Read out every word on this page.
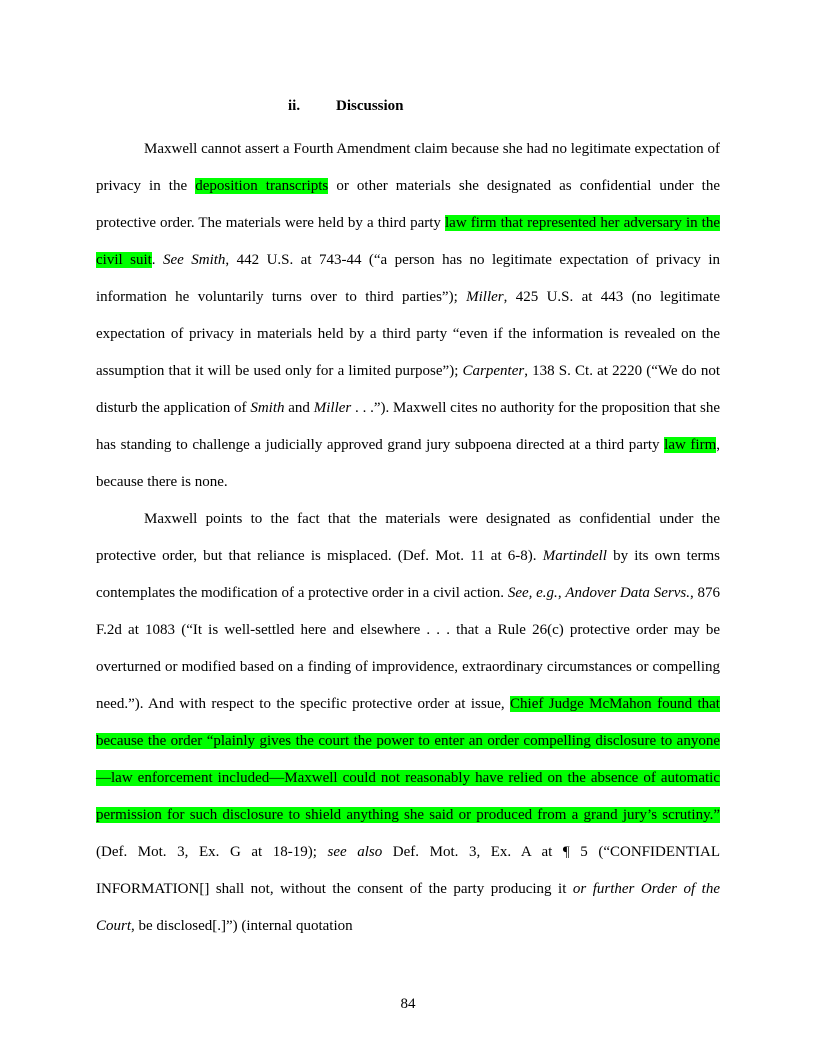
ii. Discussion

Maxwell cannot assert a Fourth Amendment claim because she had no legitimate expectation of privacy in the deposition transcripts or other materials she designated as confidential under the protective order. The materials were held by a third party law firm that represented her adversary in the civil suit. See Smith, 442 U.S. at 743-44 (“a person has no legitimate expectation of privacy in information he voluntarily turns over to third parties”); Miller, 425 U.S. at 443 (no legitimate expectation of privacy in materials held by a third party “even if the information is revealed on the assumption that it will be used only for a limited purpose”); Carpenter, 138 S. Ct. at 2220 (“We do not disturb the application of Smith and Miller . . .”). Maxwell cites no authority for the proposition that she has standing to challenge a judicially approved grand jury subpoena directed at a third party law firm, because there is none.

Maxwell points to the fact that the materials were designated as confidential under the protective order, but that reliance is misplaced. (Def. Mot. 11 at 6-8). Martindell by its own terms contemplates the modification of a protective order in a civil action. See, e.g., Andover Data Servs., 876 F.2d at 1083 (“It is well-settled here and elsewhere . . . that a Rule 26(c) protective order may be overturned or modified based on a finding of improvidence, extraordinary circumstances or compelling need.”). And with respect to the specific protective order at issue, Chief Judge McMahon found that because the order “plainly gives the court the power to enter an order compelling disclosure to anyone—law enforcement included—Maxwell could not reasonably have relied on the absence of automatic permission for such disclosure to shield anything she said or produced from a grand jury’s scrutiny.” (Def. Mot. 3, Ex. G at 18-19); see also Def. Mot. 3, Ex. A at ¶ 5 (“CONFIDENTIAL INFORMATION[] shall not, without the consent of the party producing it or further Order of the Court, be disclosed[.]”) (internal quotation

84
